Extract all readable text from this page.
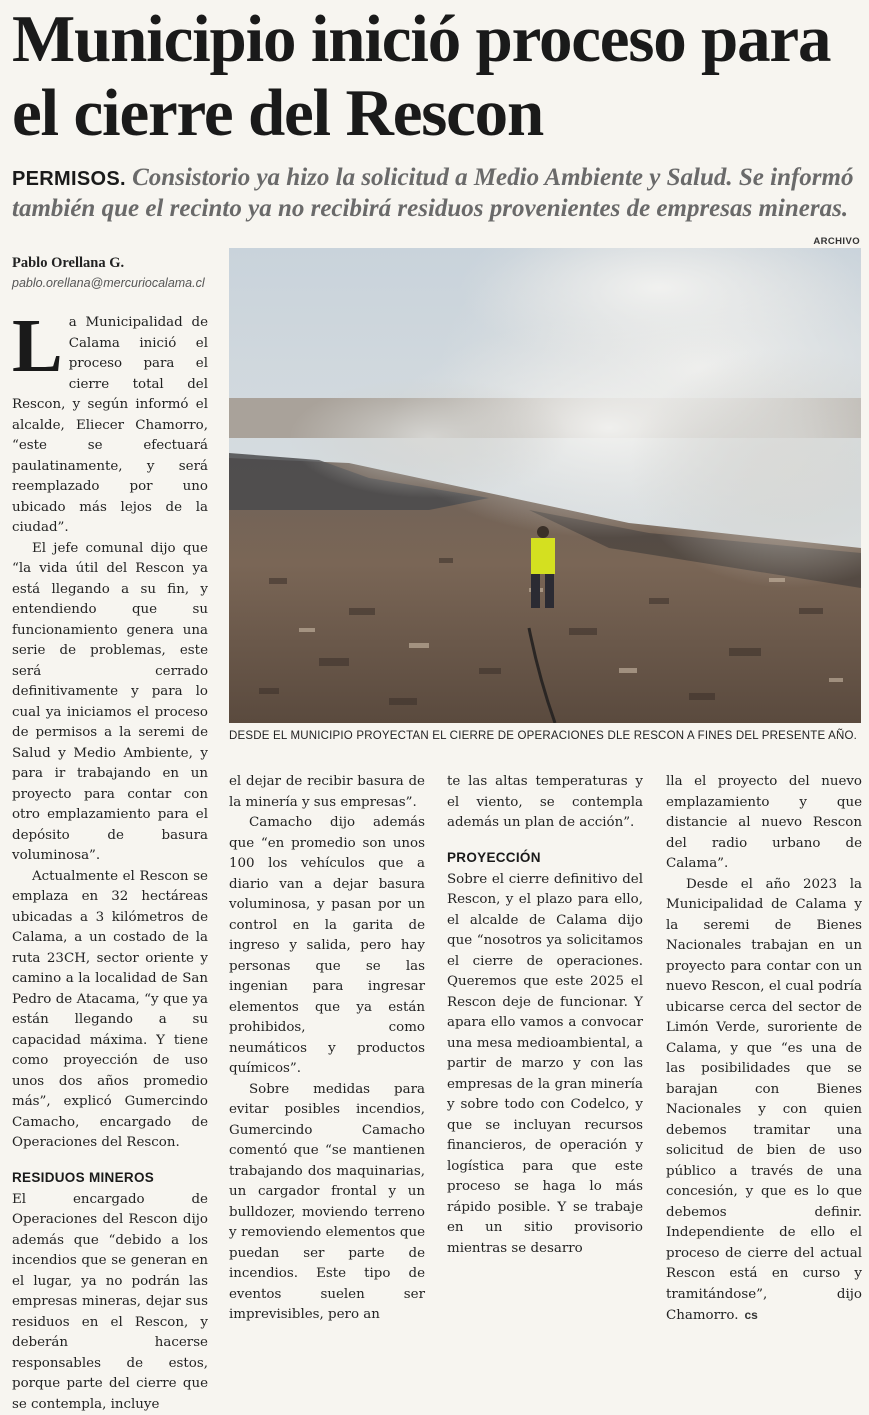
Municipio inició proceso para el cierre del Rescon

PERMISOS. Consistorio ya hizo la solicitud a Medio Ambiente y Salud. Se informó también que el recinto ya no recibirá residuos provenientes de empresas mineras.

ARCHIVO
DESDE EL MUNICIPIO PROYECTAN EL CIERRE DE OPERACIONES DLE RESCON A FINES DEL PRESENTE AÑO.
Pablo Orellana G.
pablo.orellana@mercuriocalama.cl

La Municipalidad de Calama inició el proceso para el cierre total del Rescon, y según informó el alcalde, Eliecer Chamorro, “este se efectuará paulatinamente, y será reemplazado por uno ubicado más lejos de la ciudad”.

El jefe comunal dijo que “la vida útil del Rescon ya está llegando a su fin, y entendiendo que su funcionamiento genera una serie de problemas, este será cerrado definitivamente y para lo cual ya iniciamos el proceso de permisos a la seremi de Salud y Medio Ambiente, y para ir trabajando en un proyecto para contar con otro emplazamiento para el depósito de basura voluminosa”.

Actualmente el Rescon se emplaza en 32 hectáreas ubicadas a 3 kilómetros de Calama, a un costado de la ruta 23CH, sector oriente y camino a la localidad de San Pedro de Atacama, “y que ya están llegando a su capacidad máxima. Y tiene como proyección de uso unos dos años promedio más”, explicó Gumercindo Camacho, encargado de Operaciones del Rescon.

RESIDUOS MINEROS

El encargado de Operaciones del Rescon dijo además que “debido a los incendios que se generan en el lugar, ya no podrán las empresas mineras, dejar sus residuos en el Rescon, y deberán hacerse responsables de estos, porque parte del cierre que se contempla, incluye

el dejar de recibir basura de la minería y sus empresas”.

Camacho dijo además que “en promedio son unos 100 los vehículos que a diario van a dejar basura voluminosa, y pasan por un control en la garita de ingreso y salida, pero hay personas que se las ingenian para ingresar elementos que ya están prohibidos, como neumáticos y productos químicos”.

Sobre medidas para evitar posibles incendios, Gumercindo Camacho comentó que “se mantienen trabajando dos maquinarias, un cargador frontal y un bulldozer, moviendo terreno y removiendo elementos que puedan ser parte de incendios. Este tipo de eventos suelen ser imprevisibles, pero an

te las altas temperaturas y el viento, se contempla además un plan de acción”.

PROYECCIÓN

Sobre el cierre definitivo del Rescon, y el plazo para ello, el alcalde de Calama dijo que “nosotros ya solicitamos el cierre de operaciones. Queremos que este 2025 el Rescon deje de funcionar. Y apara ello vamos a convocar una mesa medioambiental, a partir de marzo y con las empresas de la gran minería y sobre todo con Codelco, y que se incluyan recursos financieros, de operación y logística para que este proceso se haga lo más rápido posible. Y se trabaje en un sitio provisorio mientras se desarro

lla el proyecto del nuevo emplazamiento y que distancie al nuevo Rescon del radio urbano de Calama”.

Desde el año 2023 la Municipalidad de Calama y la seremi de Bienes Nacionales trabajan en un proyecto para contar con un nuevo Rescon, el cual podría ubicarse cerca del sector de Limón Verde, suroriente de Calama, y que “es una de las posibilidades que se barajan con Bienes Nacionales y con quien debemos tramitar una solicitud de bien de uso público a través de una concesión, y que es lo que debemos definir. Independiente de ello el proceso de cierre del actual Rescon está en curso y tramitándose”, dijo Chamorro. cs
